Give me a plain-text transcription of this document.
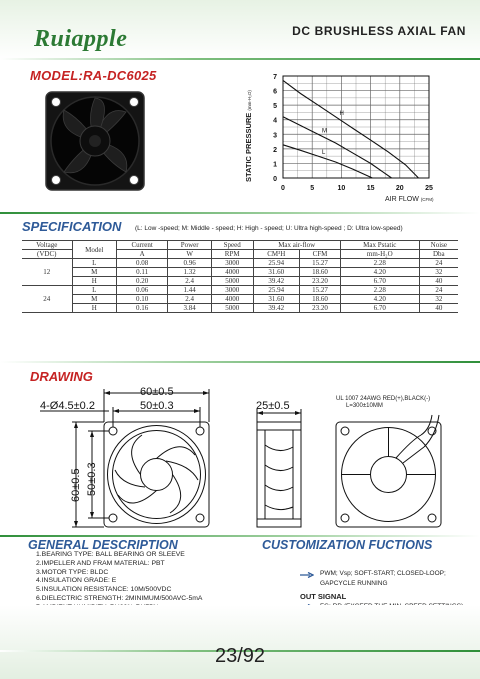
Ruiapple	DC BRUSHLESS AXIAL FAN
MODEL:RA-DC6025	7
6
5
4
3
2
1
0
0	5	10	15	20	25
H
M
L
STATIC PRESSURE (mm-H₂O)
AIR FLOW (CFM)
SPECIFICATION (L: Low -speed; M: Middle - speed; H: High - speed; U: Ultra high-speed ; D: Ultra low-speed)
Voltage	Model	Current	Power	Speed	Max air-flow		Max Pstatic	Noise
(VDC)		A	W	RPM	CM³H	CFM	mm-H₂O	Dba
	L	0.08	0.96	3000	25.94	15.27	2.28	24
12	M	0.11	1.32	4000	31.60	18.60	4.20	32
	H	0.20	2.4	5000	39.42	23.20	6.70	40
	L	0.06	1.44	3000	25.94	15.27	2.28	24
24	M	0.10	2.4	4000	31.60	18.60	4.20	32
	H	0.16	3.84	5000	39.42	23.20	6.70	40
DRAWING
60±0.5
4-Ø4.5±0.2	50±0.3
60±0.5 50±0.3
25±0.5
UL 1007 24AWG RED(+),BLACK(-)
L=300±10MM
GENERAL DESCRIPTION
1.BEARING TYPE: BALL BEARING OR SLEEVE
2.IMPELLER AND FRAM MATERIAL: PBT
3.MOTOR TYPE: BLDC
4.INSULATION GRADE: E
5.INSULATION RESISTANCE: 10M/500VDC
6.DIELECTRIC STRENGTH: 2MINIMUM/500AVC-5mA
CUSTOMIZATION FUCTIONS
PWM; Vsp; SOFT-START; CLOSED-LOOP;
GAPCYCLE RUNNING
OUT SIGNAL
23/92
